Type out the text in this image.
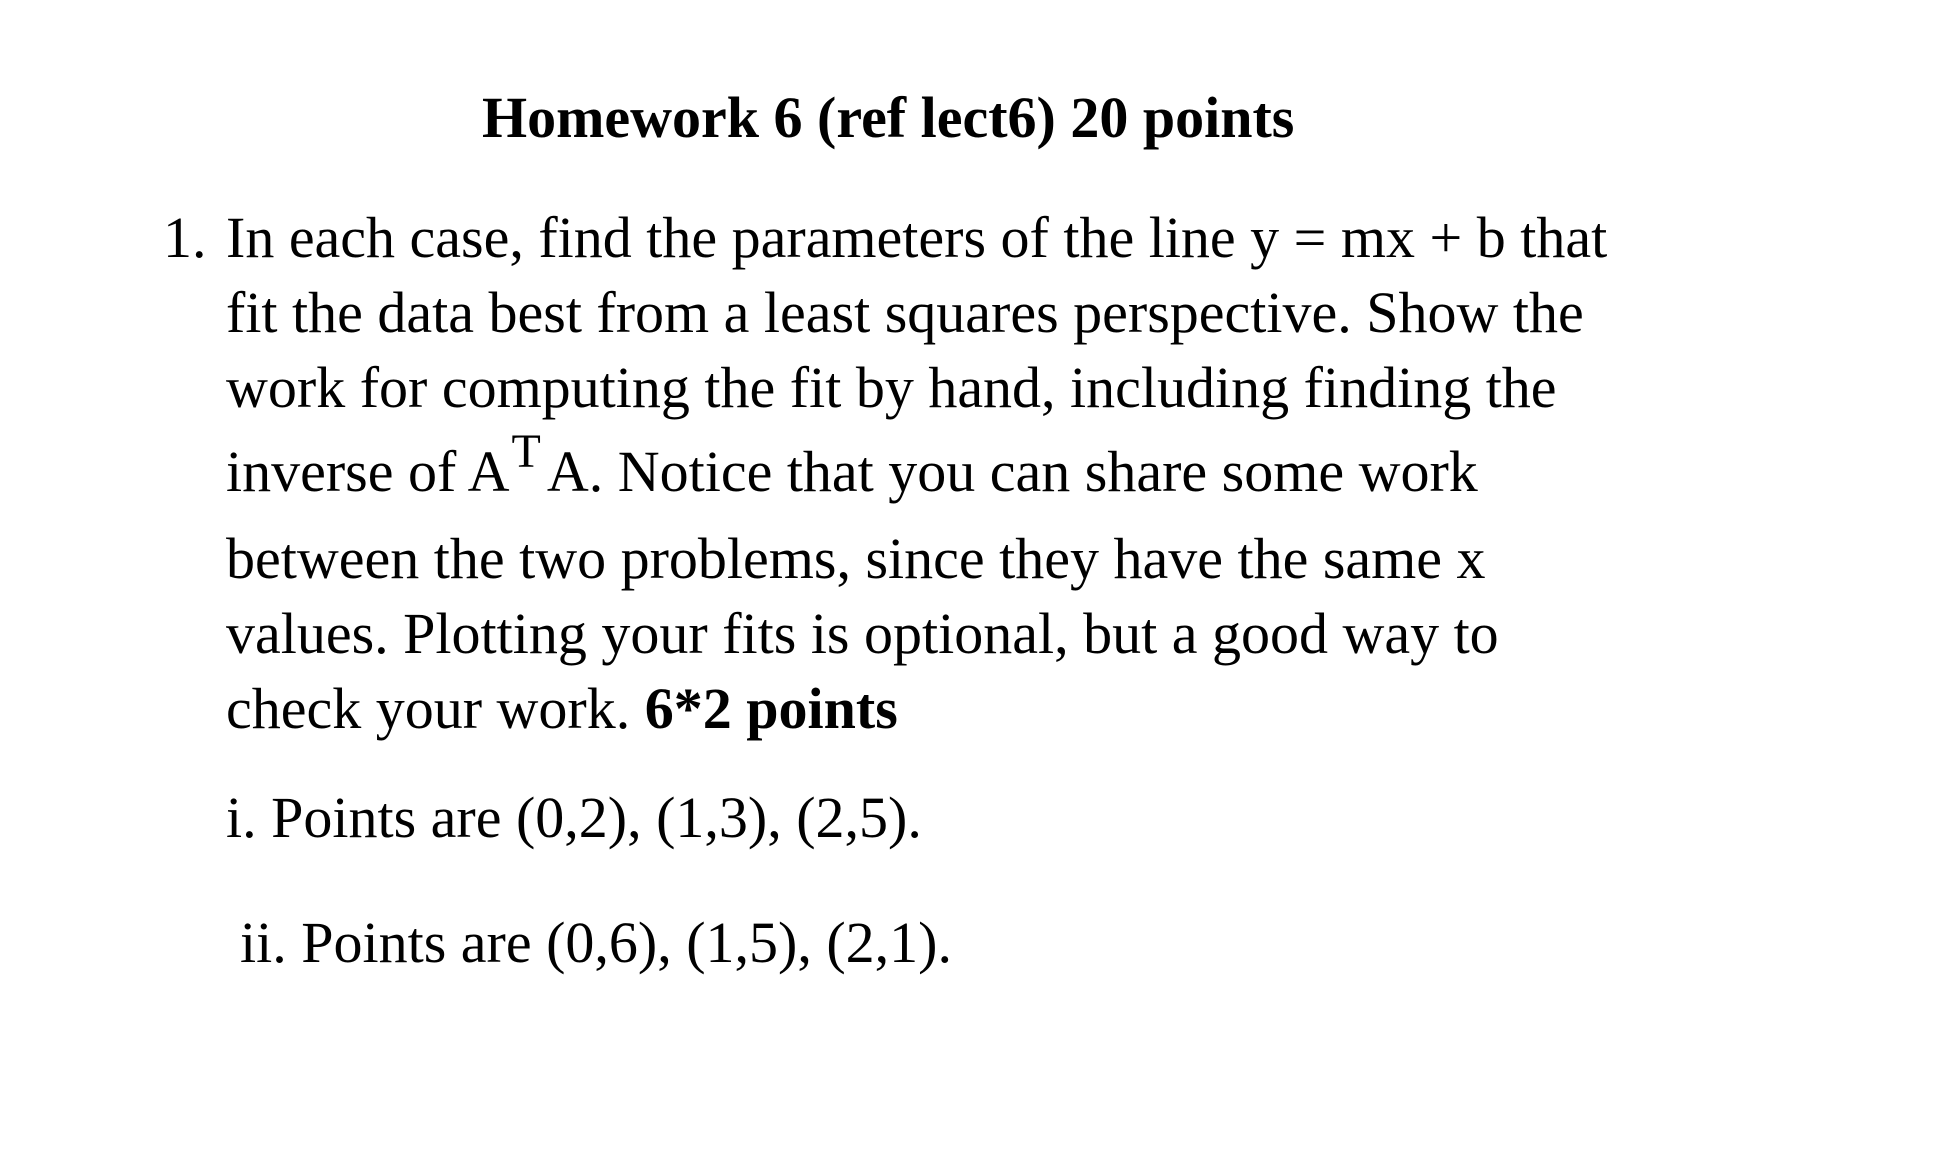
Homework 6 (ref lect6) 20 points
1. In each case, find the parameters of the line y = mx + b that
fit the data best from a least squares perspective. Show the
work for computing the fit by hand, including finding the
inverse of $A^T$ A. Notice that you can share some work
between the two problems, since they have the same x
values. Plotting your fits is optional, but a good way to
check your work. 6*2 points
i. Points are (0,2), (1,3), (2,5).
ii. Points are (0,6), (1,5), (2,1).
